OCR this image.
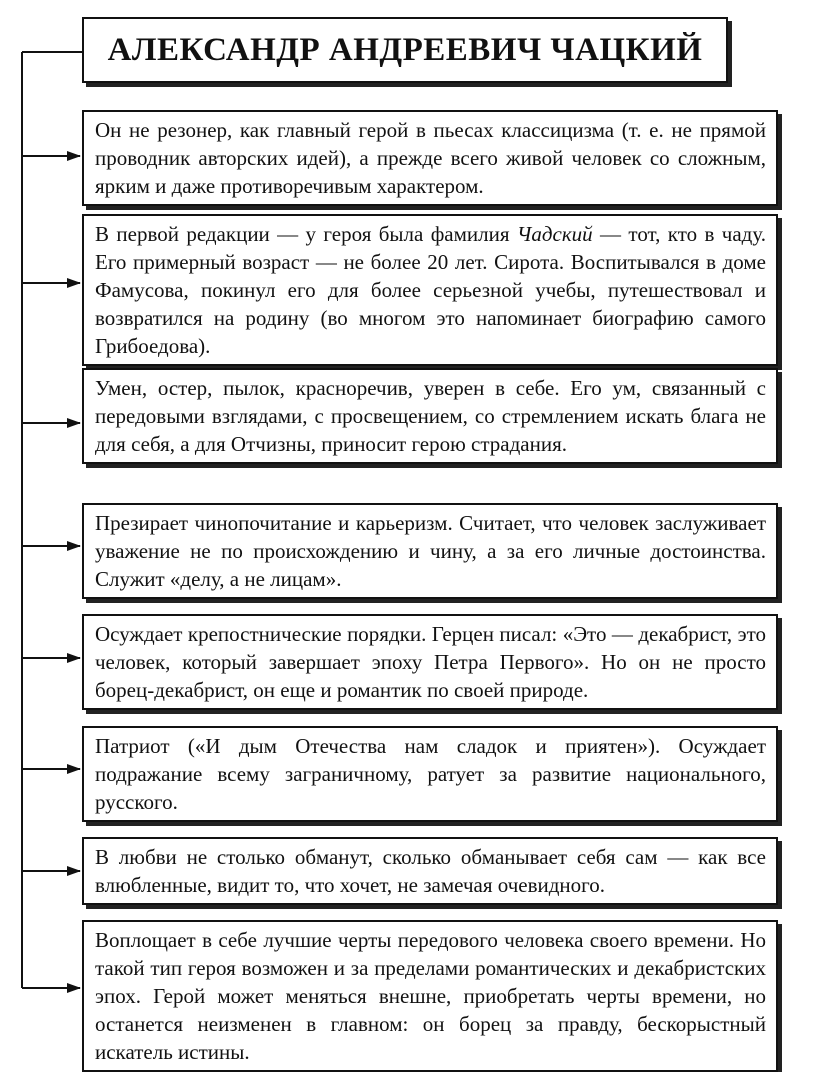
АЛЕКСАНДР АНДРЕЕВИЧ ЧАЦКИЙ

Он не резонер, как главный герой в пьесах классицизма (т. е. не прямой проводник авторских идей), а прежде всего живой человек со сложным, ярким и даже противоречивым характером.

В первой редакции — у героя была фамилия Чадский — тот, кто в чаду. Его примерный возраст — не более 20 лет. Сирота. Воспитывался в доме Фамусова, покинул его для более серьезной учебы, путешествовал и возвратился на родину (во многом это напоминает биографию самого Грибоедова).

Умен, остер, пылок, красноречив, уверен в себе. Его ум, связанный с передовыми взглядами, с просвещением, со стремлением искать блага не для себя, а для Отчизны, приносит герою страдания.

Презирает чинопочитание и карьеризм. Считает, что человек заслуживает уважение не по происхождению и чину, а за его личные достоинства. Служит «делу, а не лицам».

Осуждает крепостнические порядки. Герцен писал: «Это — декабрист, это человек, который завершает эпоху Петра Первого». Но он не просто борец-декабрист, он еще и романтик по своей природе.

Патриот («И дым Отечества нам сладок и приятен»). Осуждает подражание всему заграничному, ратует за развитие национального, русского.

В любви не столько обманут, сколько обманывает себя сам — как все влюбленные, видит то, что хочет, не замечая очевидного.

Воплощает в себе лучшие черты передового человека своего времени. Но такой тип героя возможен и за пределами романтических и декабристских эпох. Герой может меняться внешне, приобретать черты времени, но останется неизменен в главном: он борец за правду, бескорыстный искатель истины.
